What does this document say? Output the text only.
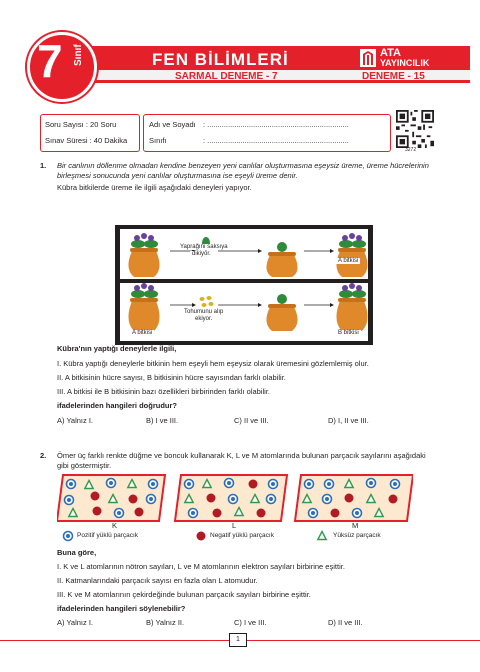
7 Sınıf	FEN BİLİMLERİ	ATA
YAYINCILIK
SARMAL DENEME - 7	DENEME - 15
Soru Sayısı : 20 Soru
Sınav Süresi : 40 Dakika
Adı ve Soyadı : ....................................................................
Sınıfı	: ....................................................................
3272
1. Bir canlının döllenme olmadan kendine benzeyen yeni canlılar oluşturmasına eşeysiz üreme, üreme hücrelerinin
birleşmesi sonucunda yeni canlılar oluşturmasına ise eşeyli üreme denir.
Kübra bitkilerde üreme ile ilgili aşağıdaki deneyleri yapıyor.
Yaprağını saksıya
dikiyor.
A bitkisi
Tohumunu alıp
ekiyor.
A bitkisi	B bitkisi
Kübra'nın yaptığı deneylerle ilgili,
I. Kübra yaptığı deneylerle bitkinin hem eşeyli hem eşeysiz olarak üremesini gözlemlemiş olur.
II. A bitkisinin hücre sayısı, B bitkisinin hücre sayısından farklı olabilir.
III. A bitkisi ile B bitkisinin bazı özellikleri birbirinden farklı olabilir.
ifadelerinden hangileri doğrudur?
A) Yalnız I.	B) I ve III.	C) II ve III.	D) I, II ve III.
2. Ömer üç farklı renkte düğme ve boncuk kullanarak K, L ve M atomlarında bulunan parçacık sayılarını aşağıdaki
gibi göstermiştir.
K	L	M
Pozitif yüklü parçacık	Negatif yüklü parçacık	Yüksüz parçacık
Buna göre,
I. K ve L atomlarının nötron sayıları, L ve M atomlarının elektron sayıları birbirine eşittir.
II. Katmanlarındaki parçacık sayısı en fazla olan L atomudur.
III. K ve M atomlarının çekirdeğinde bulunan parçacık sayıları birbirine eşittir.
ifadelerinden hangileri söylenebilir?
A) Yalnız I.	B) Yalnız II.	C) I ve III.	D) II ve III.
1
